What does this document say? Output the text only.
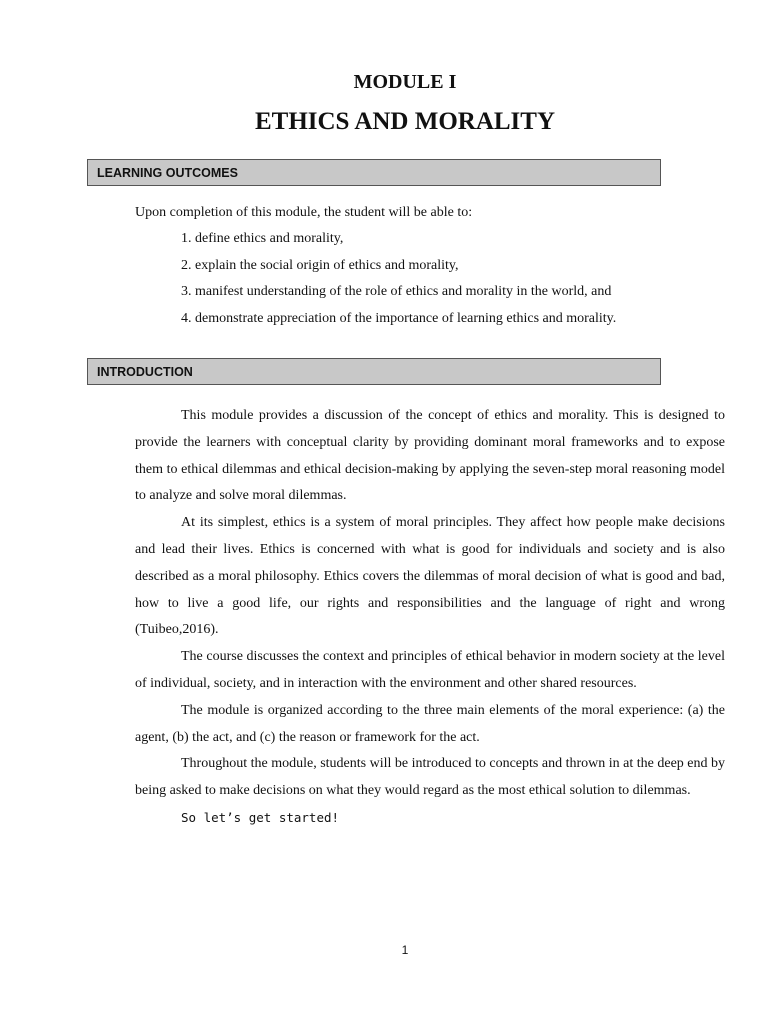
MODULE I
ETHICS AND MORALITY
LEARNING OUTCOMES
Upon completion of this module, the student will be able to:
1. define ethics and morality,
2. explain the social origin of ethics and morality,
3. manifest understanding of the role of ethics and morality in the world, and
4. demonstrate appreciation of the importance of learning ethics and morality.
INTRODUCTION

This module provides a discussion of the concept of ethics and morality. This is designed to provide the learners with conceptual clarity by providing dominant moral frameworks and to expose them to ethical dilemmas and ethical decision-making by applying the seven-step moral reasoning model to analyze and solve moral dilemmas.

At its simplest, ethics is a system of moral principles. They affect how people make decisions and lead their lives. Ethics is concerned with what is good for individuals and society and is also described as a moral philosophy. Ethics covers the dilemmas of moral decision of what is good and bad, how to live a good life, our rights and responsibilities and the language of right and wrong (Tuibeo,2016).

The course discusses the context and principles of ethical behavior in modern society at the level of individual, society, and in interaction with the environment and other shared resources.

The module is organized according to the three main elements of the moral experience: (a) the agent, (b) the act, and (c) the reason or framework for the act.

Throughout the module, students will be introduced to concepts and thrown in at the deep end by being asked to make decisions on what they would regard as the most ethical solution to dilemmas.

So let’s get started!

1
